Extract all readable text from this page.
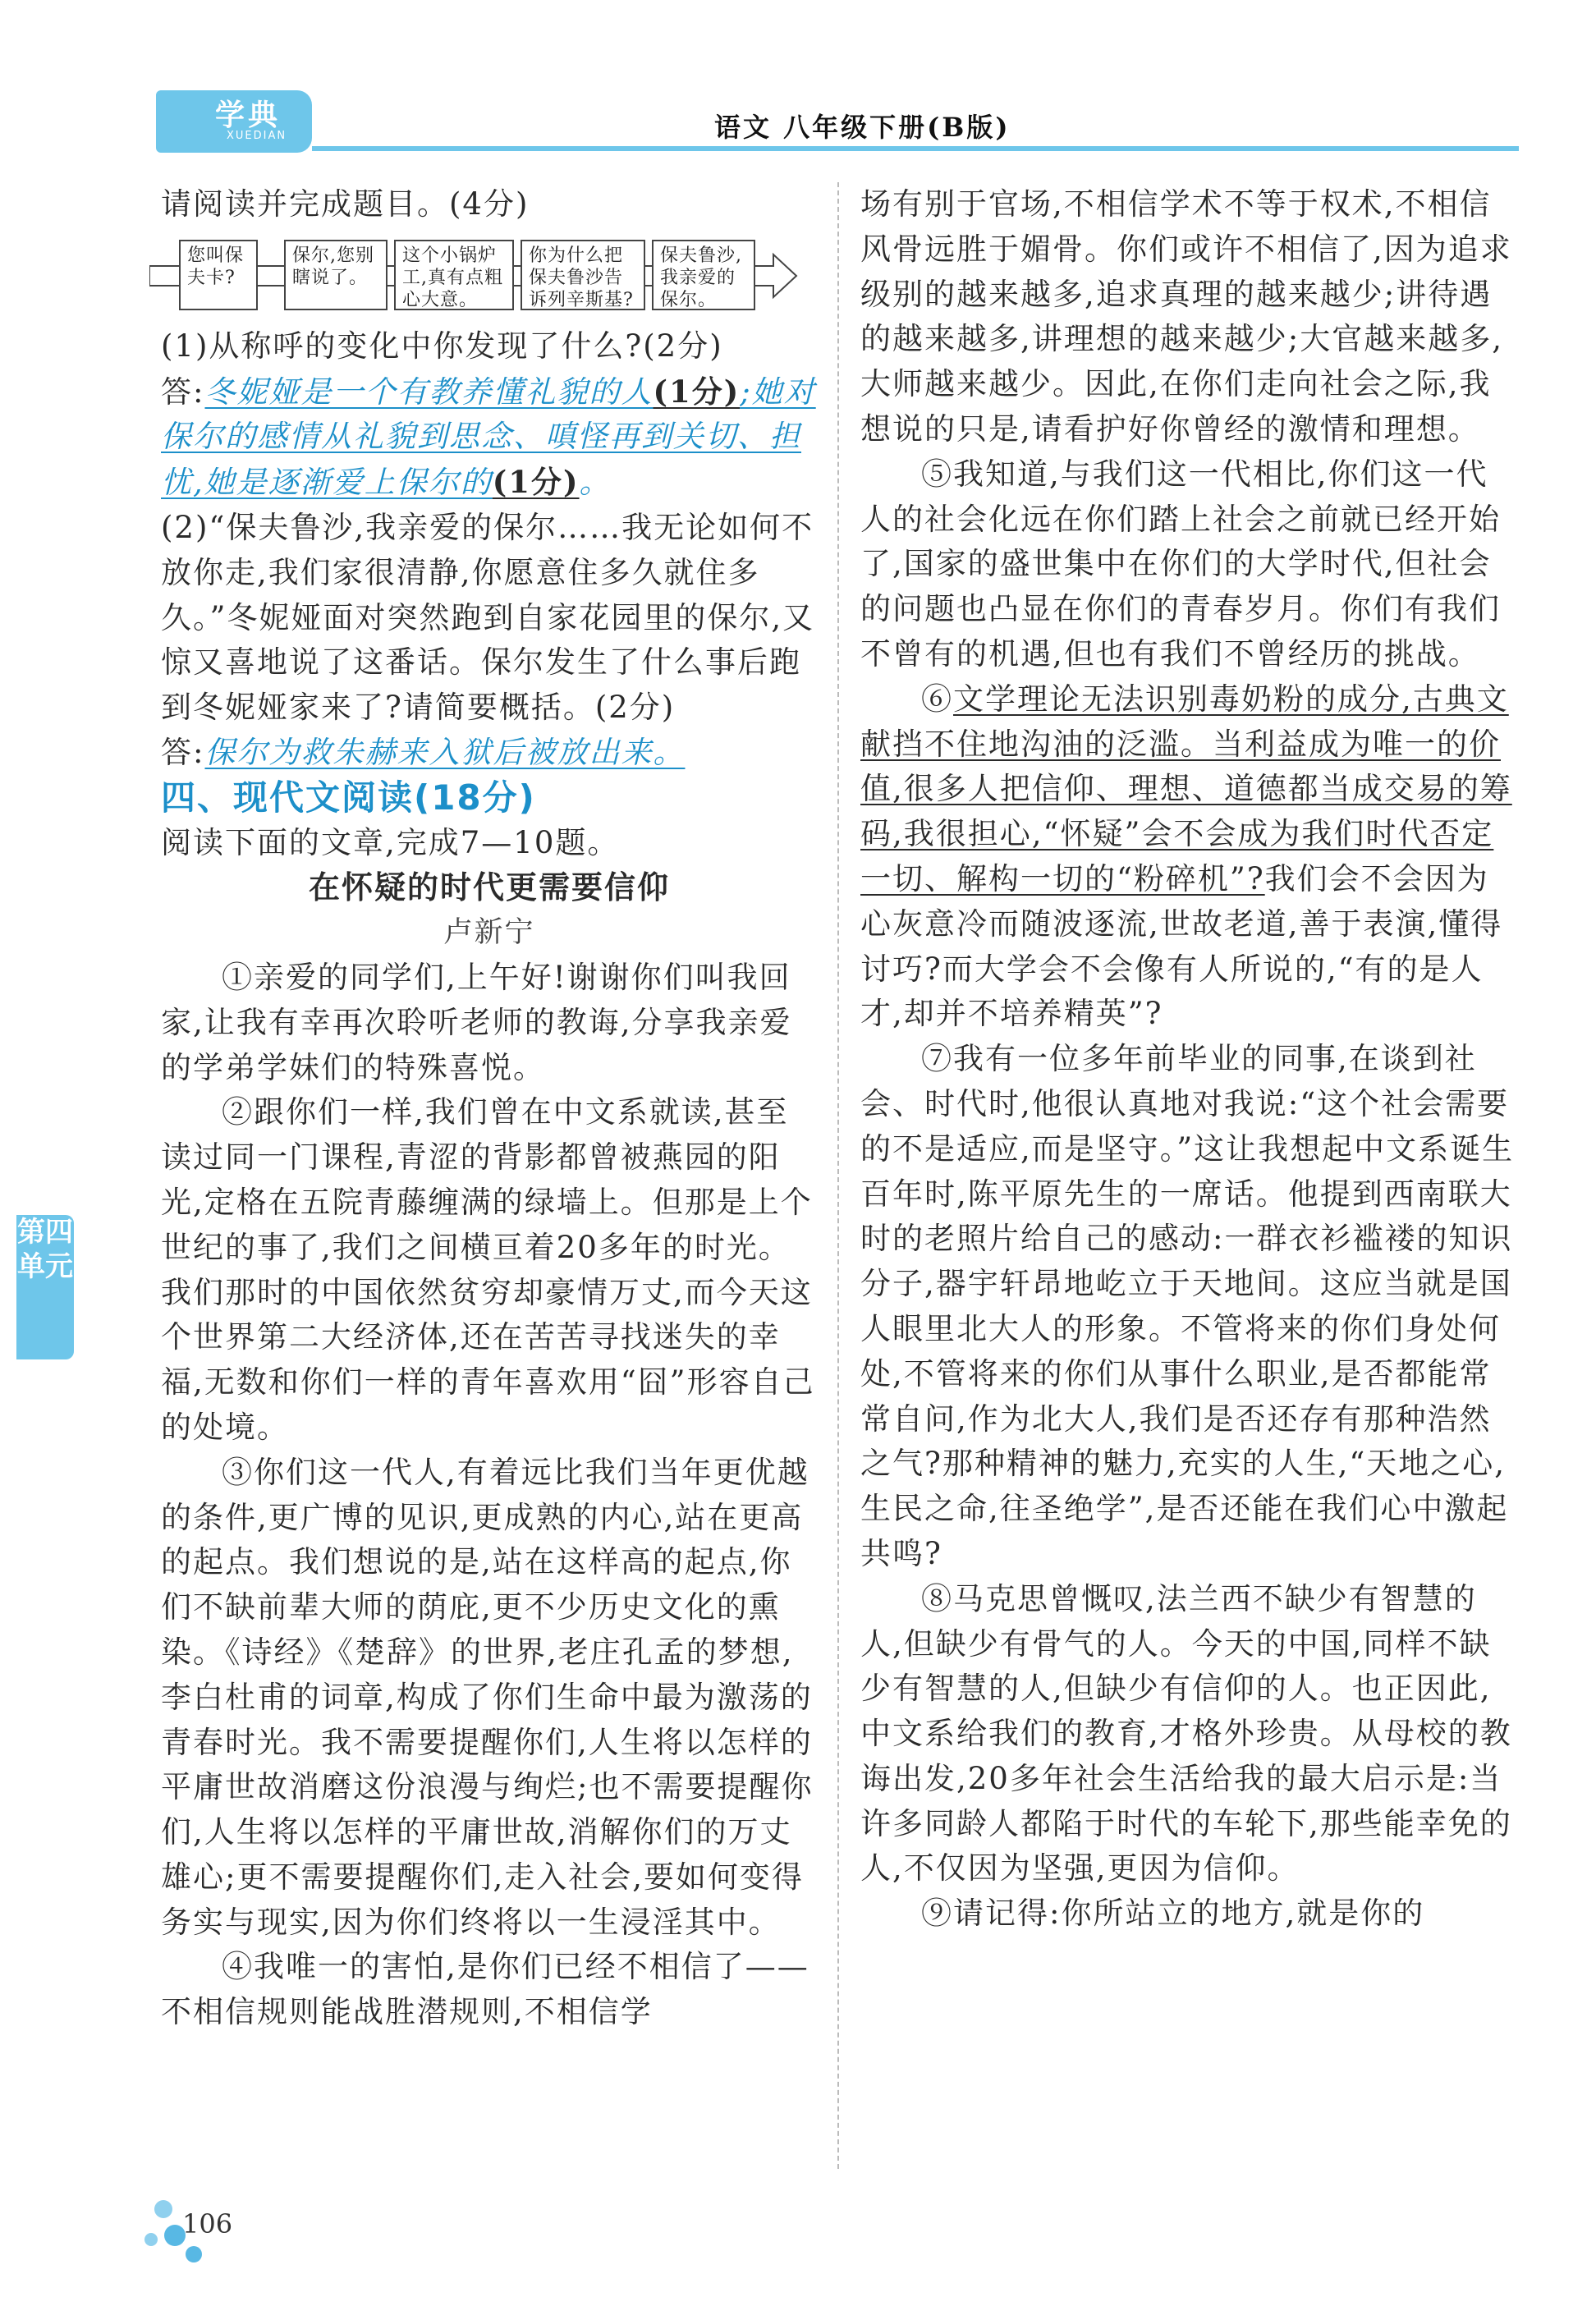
学典
XUEDIAN	语文 八年级下册(B版)

请阅读并完成题目。(4分)

(1)从称呼的变化中你发现了什么?(2分)

答:冬妮娅是一个有教养懂礼貌的人(1分);她对保尔的感情从礼貌到思念、嗔怪再到关切、担忧,她是逐渐爱上保尔的(1分)。

(2)“保夫鲁沙,我亲爱的保尔……我无论如何不放你走,我们家很清静,你愿意住多久就住多久。”冬妮娅面对突然跑到自家花园里的保尔,又惊又喜地说了这番话。保尔发生了什么事后跑到冬妮娅家来了?请简要概括。(2分)

答:保尔为救朱赫来入狱后被放出来。

四、现代文阅读(18分)

阅读下面的文章,完成7—10题。

在怀疑的时代更需要信仰

卢新宁

①亲爱的同学们,上午好!谢谢你们叫我回家,让我有幸再次聆听老师的教诲,分享我亲爱的学弟学妹们的特殊喜悦。

②跟你们一样,我们曾在中文系就读,甚至读过同一门课程,青涩的背影都曾被燕园的阳光,定格在五院青藤缠满的绿墙上。但那是上个世纪的事了,我们之间横亘着20多年的时光。我们那时的中国依然贫穷却豪情万丈,而今天这个世界第二大经济体,还在苦苦寻找迷失的幸福,无数和你们一样的青年喜欢用“囧”形容自己的处境。

③你们这一代人,有着远比我们当年更优越的条件,更广博的见识,更成熟的内心,站在更高的起点。我们想说的是,站在这样高的起点,你们不缺前辈大师的荫庇,更不少历史文化的熏染。《诗经》《楚辞》的世界,老庄孔孟的梦想,李白杜甫的词章,构成了你们生命中最为激荡的青春时光。我不需要提醒你们,人生将以怎样的平庸世故消磨这份浪漫与绚烂;也不需要提醒你们,人生将以怎样的平庸世故,消解你们的万丈雄心;更不需要提醒你们,走入社会,要如何变得务实与现实,因为你们终将以一生浸淫其中。

④我唯一的害怕,是你们已经不相信了——不相信规则能战胜潜规则,不相信学

您叫保夫卡?
保尔,您别瞎说了。
这个小锅炉工,真有点粗心大意。
你为什么把保夫鲁沙告诉列辛斯基?
保夫鲁沙,我亲爱的保尔。

场有别于官场,不相信学术不等于权术,不相信风骨远胜于媚骨。你们或许不相信了,因为追求级别的越来越多,追求真理的越来越少;讲待遇的越来越多,讲理想的越来越少;大官越来越多,大师越来越少。因此,在你们走向社会之际,我想说的只是,请看护好你曾经的激情和理想。

⑤我知道,与我们这一代相比,你们这一代人的社会化远在你们踏上社会之前就已经开始了,国家的盛世集中在你们的大学时代,但社会的问题也凸显在你们的青春岁月。你们有我们不曾有的机遇,但也有我们不曾经历的挑战。

⑥文学理论无法识别毒奶粉的成分,古典文献挡不住地沟油的泛滥。当利益成为唯一的价值,很多人把信仰、理想、道德都当成交易的筹码,我很担心,“怀疑”会不会成为我们时代否定一切、解构一切的“粉碎机”?我们会不会因为心灰意冷而随波逐流,世故老道,善于表演,懂得讨巧?而大学会不会像有人所说的,“有的是人才,却并不培养精英”?

⑦我有一位多年前毕业的同事,在谈到社会、时代时,他很认真地对我说:“这个社会需要的不是适应,而是坚守。”这让我想起中文系诞生百年时,陈平原先生的一席话。他提到西南联大时的老照片给自己的感动:一群衣衫褴褛的知识分子,器宇轩昂地屹立于天地间。这应当就是国人眼里北大人的形象。不管将来的你们身处何处,不管将来的你们从事什么职业,是否都能常常自问,作为北大人,我们是否还存有那种浩然之气?那种精神的魅力,充实的人生,“天地之心,生民之命,往圣绝学”,是否还能在我们心中激起共鸣?

⑧马克思曾慨叹,法兰西不缺少有智慧的人,但缺少有骨气的人。今天的中国,同样不缺少有智慧的人,但缺少有信仰的人。也正因此,中文系给我们的教育,才格外珍贵。从母校的教诲出发,20多年社会生活给我的最大启示是:当许多同龄人都陷于时代的车轮下,那些能幸免的人,不仅因为坚强,更因为信仰。

⑨请记得:你所站立的地方,就是你的

第四单元
106
